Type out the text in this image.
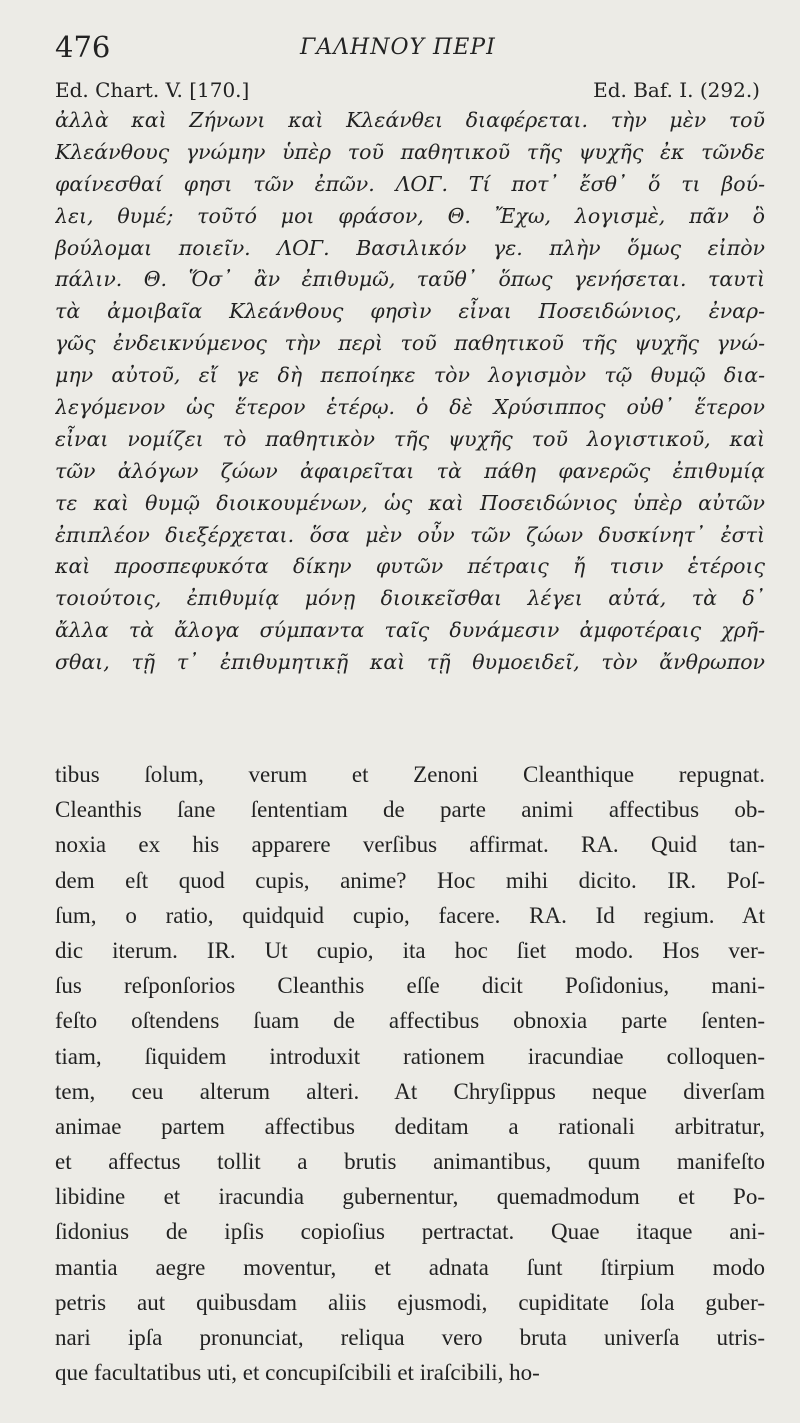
476	ΓΑΛΗΝΟΥ ΠΕΡΙ
Ed. Chart. V. [170.]	Ed. Baf. I. (292.)
ἀλλὰ καὶ Ζήνωνι καὶ Κλεάνθει διαφέρεται. τὴν μὲν τοῦ
Κλεάνθους γνώμην ὑπὲρ τοῦ παθητικοῦ τῆς ψυχῆς ἐκ τῶνδε
φαίνεσθαί φησι τῶν ἐπῶν. ΛΟΓ. Τί ποτ᾽ ἔσθ᾽ ὅ τι βού-
λει, θυμέ; τοῦτό μοι φράσον, Θ. Ἔχω, λογισμὲ, πᾶν ὃ
βούλομαι ποιεῖν. ΛΟΓ. Βασιλικόν γε. πλὴν ὅμως εἰπὸν
πάλιν. Θ. Ὅσ᾽ ἂν ἐπιθυμῶ, ταῦθ᾽ ὅπως γενήσεται. ταυτὶ
τὰ ἀμοιβαῖα Κλεάνθους φησὶν εἶναι Ποσειδώνιος, ἐναρ-
γῶς ἐνδεικνύμενος τὴν περὶ τοῦ παθητικοῦ τῆς ψυχῆς γνώ-
μην αὐτοῦ, εἴ γε δὴ πεποίηκε τὸν λογισμὸν τῷ θυμῷ δια-
λεγόμενον ὡς ἕτερον ἑτέρῳ. ὁ δὲ Χρύσιππος οὐθ᾽ ἕτερον
εἶναι νομίζει τὸ παθητικὸν τῆς ψυχῆς τοῦ λογιστικοῦ, καὶ
τῶν ἀλόγων ζώων ἀφαιρεῖται τὰ πάθη φανερῶς ἐπιθυμίᾳ
τε καὶ θυμῷ διοικουμένων, ὡς καὶ Ποσειδώνιος ὑπὲρ αὐτῶν
ἐπιπλέον διεξέρχεται. ὅσα μὲν οὖν τῶν ζώων δυσκίνητ᾽ ἐστὶ
καὶ προσπεφυκότα δίκην φυτῶν πέτραις ἤ τισιν ἑτέροις
τοιούτοις, ἐπιθυμίᾳ μόνῃ διοικεῖσθαι λέγει αὐτά, τὰ δ᾽
ἄλλα τὰ ἄλογα σύμπαντα ταῖς δυνάμεσιν ἀμφοτέραις χρῆ-
σθαι, τῇ τ᾽ ἐπιθυμητικῇ καὶ τῇ θυμοειδεῖ, τὸν ἄνθρωπον
tibus ſolum, verum et Zenoni Cleanthique repugnat.
Cleanthis ſane ſententiam de parte animi affectibus ob-
noxia ex his apparere verſibus affirmat. RA. Quid tan-
dem eſt quod cupis, anime? Hoc mihi dicito. IR. Poſ-
ſum, o ratio, quidquid cupio, facere. RA. Id regium. At
dic iterum. IR. Ut cupio, ita hoc ſiet modo. Hos ver-
ſus reſponſorios Cleanthis eſſe dicit Poſidonius, mani-
feſto oſtendens ſuam de affectibus obnoxia parte ſenten-
tiam, ſiquidem introduxit rationem iracundiae colloquen-
tem, ceu alterum alteri. At Chryſippus neque diverſam
animae partem affectibus deditam a rationali arbitratur,
et affectus tollit a brutis animantibus, quum manifeſto
libidine et iracundia gubernentur, quemadmodum et Po-
ſidonius de ipſis copioſius pertractat. Quae itaque ani-
mantia aegre moventur, et adnata ſunt ſtirpium modo
petris aut quibusdam aliis ejusmodi, cupiditate ſola guber-
nari ipſa pronunciat, reliqua vero bruta univerſa utris-
que facultatibus uti, et concupiſcibili et iraſcibili, ho-
